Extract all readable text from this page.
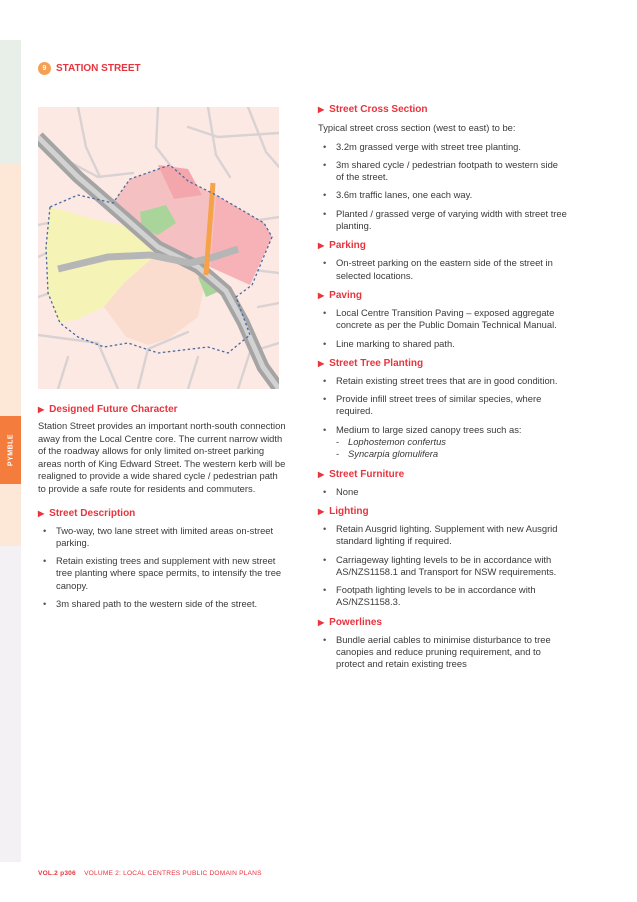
PYMBLE
9 STATION STREET
▶ Designed Future Character
Station Street provides an important north-south connection
away from the Local Centre core. The current narrow width
of the roadway allows for only limited on-street parking
areas north of King Edward Street. The western kerb will be
realigned to provide a wide shared cycle / pedestrian path
to provide a safe route for residents and commuters.
▶ Street Description
• Two-way, two lane street with limited areas on-street
parking.
• Retain existing trees and supplement with new street
tree planting where space permits, to intensify the tree
canopy.
• 3m shared path to the western side of the street.
▶ Street Cross Section
Typical street cross section (west to east) to be:
• 3.2m grassed verge with street tree planting.
• 3m shared cycle / pedestrian footpath to western side
of the street.
• 3.6m traffic lanes, one each way.
• Planted / grassed verge of varying width with street tree
planting.
▶ Parking
• On-street parking on the eastern side of the street in
selected locations.
▶ Paving
• Local Centre Transition Paving – exposed aggregate
concrete as per the Public Domain Technical Manual.
• Line marking to shared path.
▶ Street Tree Planting
• Retain existing street trees that are in good condition.
• Provide infill street trees of similar species, where
required.
• Medium to large sized canopy trees such as:
- Lophostemon confertus
- Syncarpia glomulifera
▶ Street Furniture
• None
▶ Lighting
• Retain Ausgrid lighting. Supplement with new Ausgrid
standard lighting if required.
• Carriageway lighting levels to be in accordance with
AS/NZS1158.1 and Transport for NSW requirements.
• Footpath lighting levels to be in accordance with
AS/NZS1158.3.
▶ Powerlines
• Bundle aerial cables to minimise disturbance to tree
canopies and reduce pruning requirement, and to
protect and retain existing trees
VOL.2 p306 VOLUME 2: LOCAL CENTRES PUBLIC DOMAIN PLANS
